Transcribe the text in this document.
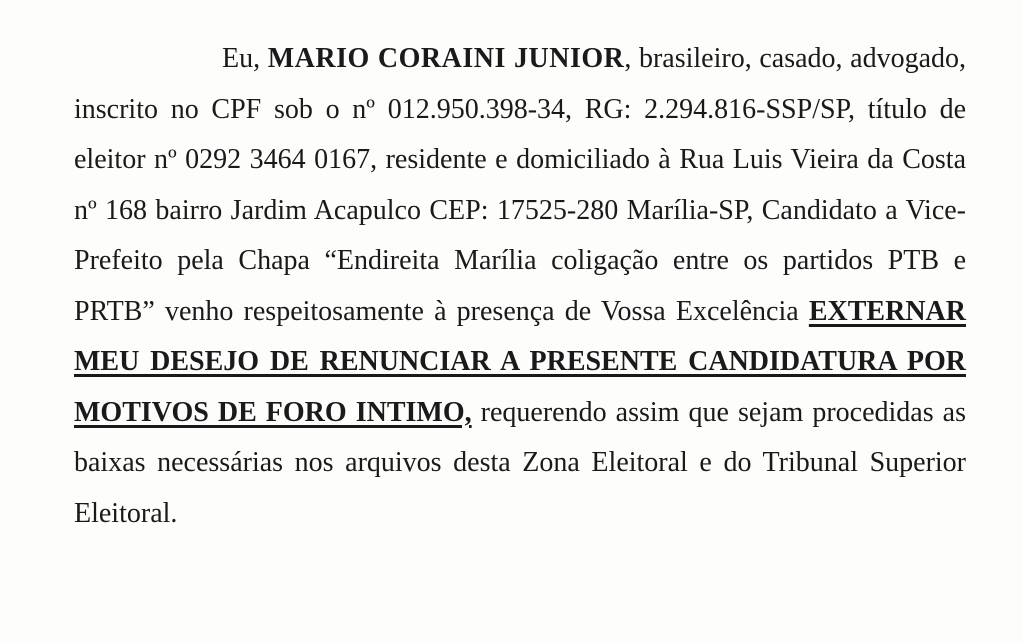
Eu, MARIO CORAINI JUNIOR, brasileiro, casado, advogado, inscrito no CPF sob o nº 012.950.398-34, RG: 2.294.816-SSP/SP, título de eleitor nº 0292 3464 0167, residente e domiciliado à Rua Luis Vieira da Costa nº 168 bairro Jardim Acapulco CEP: 17525-280 Marília-SP, Candidato a Vice-Prefeito pela Chapa “Endireita Marília coligação entre os partidos PTB e PRTB” venho respeitosamente à presença de Vossa Excelência EXTERNAR MEU DESEJO DE RENUNCIAR A PRESENTE CANDIDATURA POR MOTIVOS DE FORO INTIMO, requerendo assim que sejam procedidas as baixas necessárias nos arquivos desta Zona Eleitoral e do Tribunal Superior Eleitoral.
